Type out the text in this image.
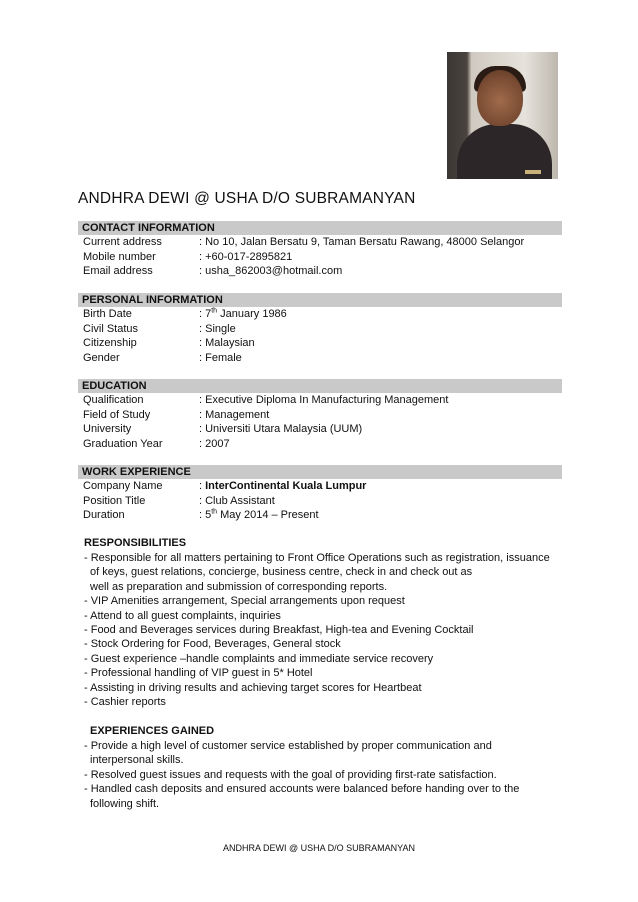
ANDHRA DEWI @ USHA D/O SUBRAMANYAN
CONTACT INFORMATION
Current address	: No 10, Jalan Bersatu 9, Taman Bersatu Rawang, 48000 Selangor
Mobile number	: +60-017-2895821
Email address	: usha_862003@hotmail.com
PERSONAL INFORMATION
Birth Date	: 7th January 1986
Civil Status	: Single
Citizenship	: Malaysian
Gender	: Female
EDUCATION
Qualification	: Executive Diploma In Manufacturing Management
Field of Study	: Management
University	: Universiti Utara Malaysia (UUM)
Graduation Year	: 2007
WORK EXPERIENCE
Company Name	: InterContinental Kuala Lumpur
Position Title	: Club Assistant
Duration	: 5th May 2014 – Present
RESPONSIBILITIES
- Responsible for all matters pertaining to Front Office Operations such as registration, issuance
of keys, guest relations, concierge, business centre, check in and check out as
well as preparation and submission of corresponding reports.
- VIP Amenities arrangement, Special arrangements upon request
- Attend to all guest complaints, inquiries
- Food and Beverages services during Breakfast, High-tea and Evening Cocktail
- Stock Ordering for Food, Beverages, General stock
- Guest experience –handle complaints and immediate service recovery
- Professional handling of VIP guest in 5* Hotel
- Assisting in driving results and achieving target scores for Heartbeat
- Cashier reports
EXPERIENCES GAINED
- Provide a high level of customer service established by proper communication and
interpersonal skills.
- Resolved guest issues and requests with the goal of providing first-rate satisfaction.
- Handled cash deposits and ensured accounts were balanced before handing over to the
following shift.
ANDHRA DEWI @ USHA D/O SUBRAMANYAN
